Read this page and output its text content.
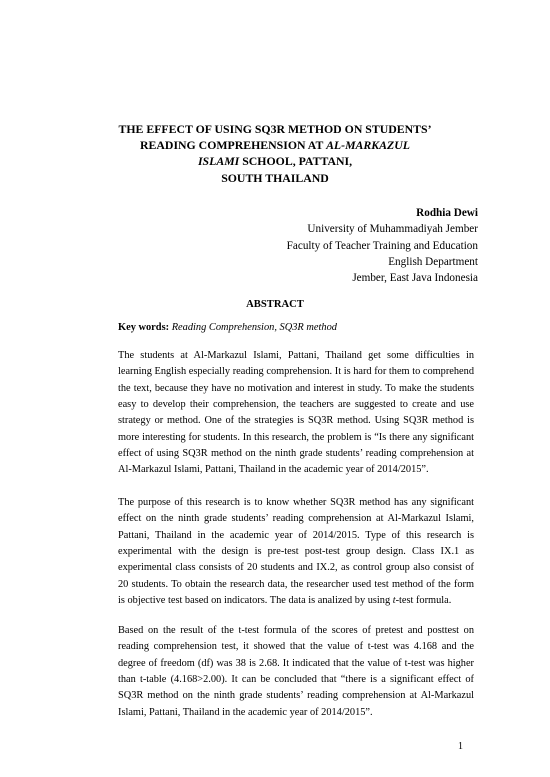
THE EFFECT OF USING SQ3R METHOD ON STUDENTS’
READING COMPREHENSION AT AL-MARKAZUL
ISLAMI SCHOOL, PATTANI,
SOUTH THAILAND
Rodhia Dewi
University of Muhammadiyah Jember
Faculty of Teacher Training and Education
English Department
Jember, East Java Indonesia
ABSTRACT
Key words: Reading Comprehension, SQ3R method
The students at Al-Markazul Islami, Pattani, Thailand get some difficulties in learning English especially reading comprehension. It is hard for them to comprehend the text, because they have no motivation and interest in study. To make the students easy to develop their comprehension, the teachers are suggested to create and use strategy or method. One of the strategies is SQ3R method. Using SQ3R method is more interesting for students. In this research, the problem is “Is there any significant effect of using SQ3R method on the ninth grade students’ reading comprehension at Al-Markazul Islami, Pattani, Thailand in the academic year of 2014/2015”.
The purpose of this research is to know whether SQ3R method has any significant effect on the ninth grade students’ reading comprehension at Al-Markazul Islami, Pattani, Thailand in the academic year of 2014/2015. Type of this research is experimental with the design is pre-test post-test group design. Class IX.1 as experimental class consists of 20 students and IX.2, as control group also consist of 20 students. To obtain the research data, the researcher used test method of the form is objective test based on indicators. The data is analized by using t-test formula.
Based on the result of the t-test formula of the scores of pretest and posttest on reading comprehension test, it showed that the value of t-test was 4.168 and the degree of freedom (df) was 38 is 2.68. It indicated that the value of t-test was higher than t-table (4.168>2.00). It can be concluded that “there is a significant effect of SQ3R method on the ninth grade students’ reading comprehension at Al-Markazul Islami, Pattani, Thailand in the academic year of 2014/2015”.
1
